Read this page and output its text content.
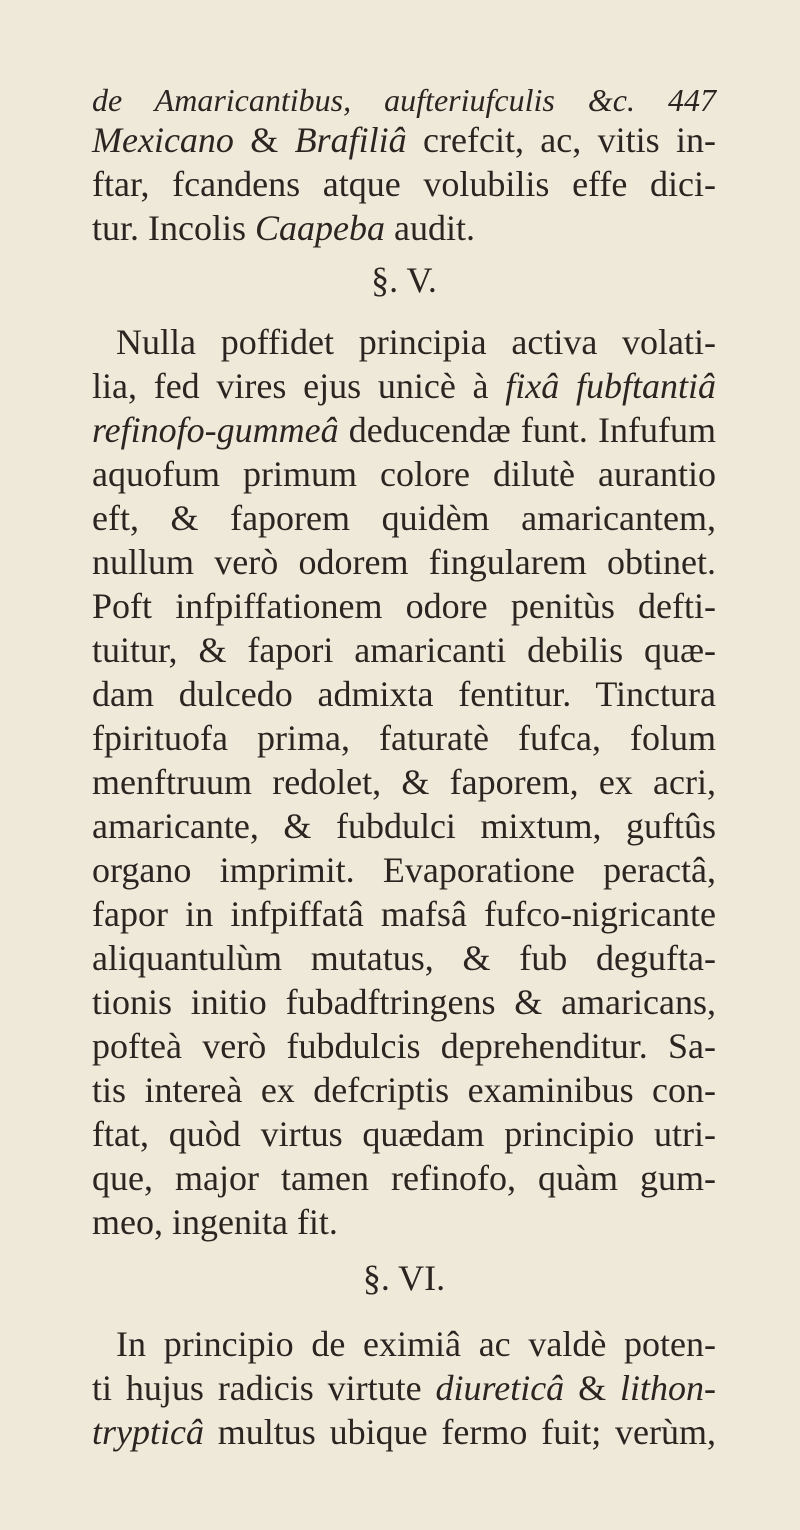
de Amaricantibus, aufteriufculis &c. 447
Mexicano & Brafiliâ crefcit, ac, vitis in-
ftar, fcandens atque volubilis effe dici-
tur. Incolis Caapeba audit.
§. V.
Nulla poffidet principia activa volati-
lia, fed vires ejus unicè à fixâ fubftantiâ
refinofo-gummeâ deducendæ funt. Infufum
aquofum primum colore dilutè aurantio
eft, & faporem quidèm amaricantem,
nullum verò odorem fingularem obtinet.
Poft infpiffationem odore penitùs defti-
tuitur, & fapori amaricanti debilis quæ-
dam dulcedo admixta fentitur. Tinctura
fpirituofa prima, faturatè fufca, folum
menftruum redolet, & faporem, ex acri,
amaricante, & fubdulci mixtum, guftûs
organo imprimit. Evaporatione peractâ,
fapor in infpiffatâ mafsâ fufco-nigricante
aliquantulùm mutatus, & fub degufta-
tionis initio fubadftringens & amaricans,
pofteà verò fubdulcis deprehenditur. Sa-
tis intereà ex defcriptis examinibus con-
ftat, quòd virtus quædam principio utri-
que, major tamen refinofo, quàm gum-
meo, ingenita fit.
§. VI.
In principio de eximiâ ac valdè poten-
ti hujus radicis virtute diureticâ & lithon-
trypticâ multus ubique fermo fuit; verùm,
